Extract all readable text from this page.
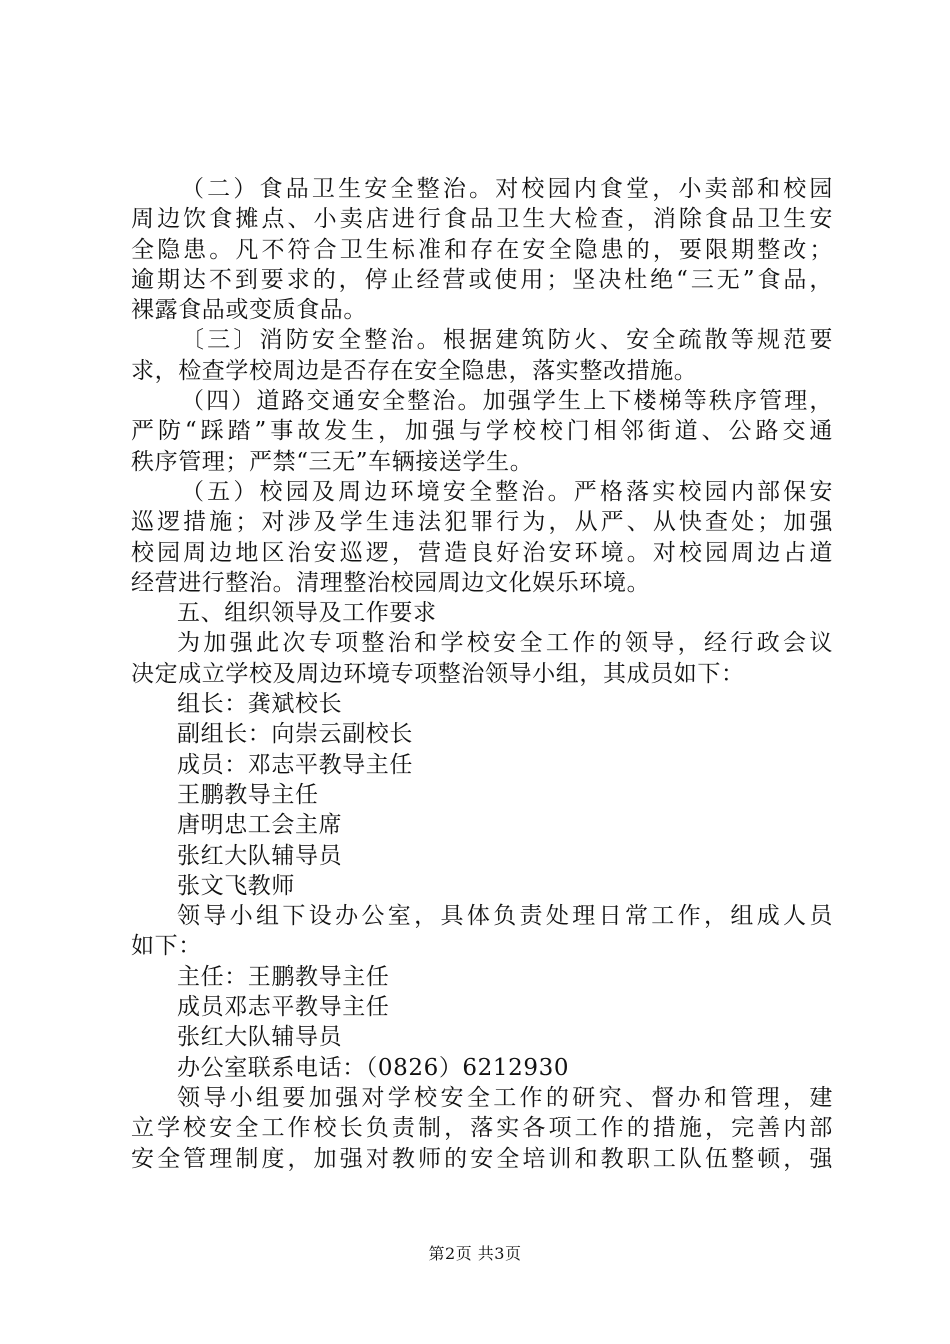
（二）食品卫生安全整治。对校园内食堂，小卖部和校园
周边饮食摊点、小卖店进行食品卫生大检查，消除食品卫生安
全隐患。凡不符合卫生标准和存在安全隐患的，要限期整改；
逾期达不到要求的，停止经营或使用；坚决杜绝“三无”食品，
裸露食品或变质食品。
〔三〕消防安全整治。根据建筑防火、安全疏散等规范要
求，检查学校周边是否存在安全隐患，落实整改措施。
（四）道路交通安全整治。加强学生上下楼梯等秩序管理，
严防“踩踏”事故发生，加强与学校校门相邻街道、公路交通
秩序管理；严禁“三无”车辆接送学生。
（五）校园及周边环境安全整治。严格落实校园内部保安
巡逻措施；对涉及学生违法犯罪行为，从严、从快查处；加强
校园周边地区治安巡逻，营造良好治安环境。对校园周边占道
经营进行整治。清理整治校园周边文化娱乐环境。
五、组织领导及工作要求
为加强此次专项整治和学校安全工作的领导，经行政会议
决定成立学校及周边环境专项整治领导小组，其成员如下：
组长：龚斌校长
副组长：向崇云副校长
成员：邓志平教导主任
王鹏教导主任
唐明忠工会主席
张红大队辅导员
张文飞教师
领导小组下设办公室，具体负责处理日常工作，组成人员
如下：
主任：王鹏教导主任
成员邓志平教导主任
张红大队辅导员
办公室联系电话：（0826）6212930
领导小组要加强对学校安全工作的研究、督办和管理，建
立学校安全工作校长负责制，落实各项工作的措施，完善内部
安全管理制度，加强对教师的安全培训和教职工队伍整顿，强
第2页 共3页
